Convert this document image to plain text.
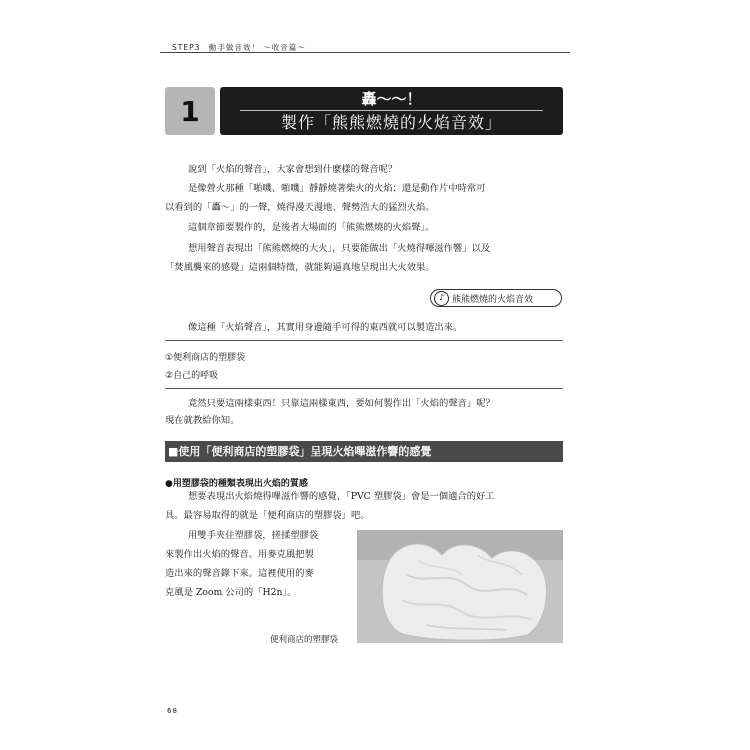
STEP3　動手做音效！ ～收音篇～
1	轟～～！
製作「熊熊燃燒的火焰音效」
說到「火焰的聲音」，大家會想到什麼樣的聲音呢？
是像營火那種「啪嘰、啪嘰」靜靜燒著柴火的火焰；還是動作片中時常可
以看到的「轟～」的一聲，燒得漫天漫地、聲勢浩大的猛烈火焰。
這個章節要製作的，是後者大場面的「熊熊燃燒的火焰聲」。
想用聲音表現出「熊熊燃燒的大火」，只要能做出「火燒得嗶滋作響」以及
「焚風襲來的感覺」這兩個特徵，就能夠逼真地呈現出大火效果。
♪ 熊熊燃燒的火焰音效
像這種「火焰聲音」，其實用身邊隨手可得的東西就可以製造出來。
①便利商店的塑膠袋
②自己的呼吸
竟然只要這兩樣東西！只靠這兩樣東西，要如何製作出「火焰的聲音」呢？
現在就教給你知。
■使用「便利商店的塑膠袋」呈現火焰嗶滋作響的感覺
●用塑膠袋的種類表現出火焰的質感
想要表現出火焰燒得嗶滋作響的感覺，「PVC 塑膠袋」會是一個適合的好工
具。最容易取得的就是「便利商店的塑膠袋」吧。
用雙手夾住塑膠袋，搓揉塑膠袋
來製作出火焰的聲音。用麥克風把製
造出來的聲音錄下來。這裡使用的麥
克風是 Zoom 公司的「H2n」。
便利商店的塑膠袋
68
